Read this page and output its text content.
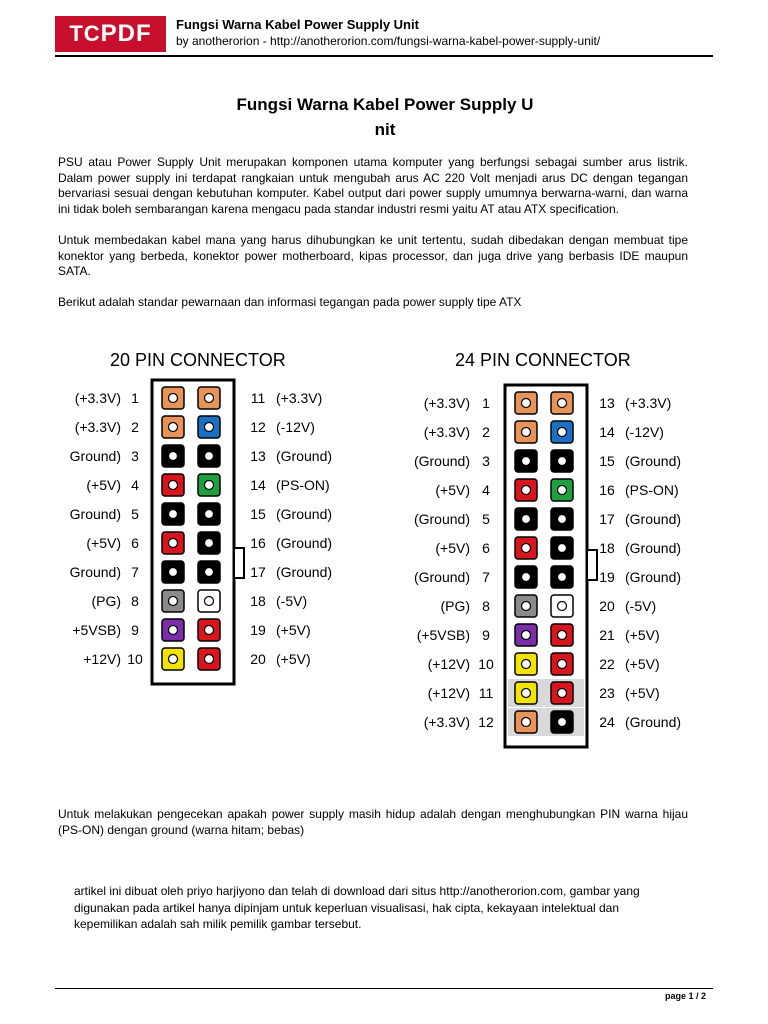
TCPDF	Fungsi Warna Kabel Power Supply Unit
by anotherorion - http://anotherorion.com/fungsi-warna-kabel-power-supply-unit/
Fungsi Warna Kabel Power Supply U
nit
PSU atau Power Supply Unit merupakan komponen utama komputer yang berfungsi sebagai sumber arus listrik. Dalam power supply ini terdapat rangkaian untuk mengubah arus AC 220 Volt menjadi arus DC dengan tegangan bervariasi sesuai dengan kebutuhan komputer. Kabel output dari power supply umumnya berwarna-warni, dan warna ini tidak boleh sembarangan karena mengacu pada standar industri resmi yaitu AT atau ATX specification.
Untuk membedakan kabel mana yang harus dihubungkan ke unit tertentu, sudah dibedakan dengan membuat tipe konektor yang berbeda, konektor power motherboard, kipas processor, dan juga drive yang berbasis IDE maupun SATA.
Berikut adalah standar pewarnaan dan informasi tegangan pada power supply tipe ATX
20 PIN CONNECTOR
(+3.3V) 1	11 (+3.3V)
(+3.3V) 2	12 (-12V)
Ground) 3	13 (Ground)
(+5V) 4	14 (PS-ON)
Ground) 5	15 (Ground)
(+5V) 6	16 (Ground)
Ground) 7	17 (Ground)
(PG) 8	18 (-5V)
+5VSB) 9	19 (+5V)
+12V) 10	20 (+5V)
24 PIN CONNECTOR
(+3.3V) 1	13 (+3.3V)
(+3.3V) 2	14 (-12V)
(Ground) 3	15 (Ground)
(+5V) 4	16 (PS-ON)
(Ground) 5	17 (Ground)
(+5V) 6	18 (Ground)
(Ground) 7	19 (Ground)
(PG) 8	20 (-5V)
(+5VSB) 9	21 (+5V)
(+12V) 10	22 (+5V)
(+12V) 11	23 (+5V)
(+3.3V) 12	24 (Ground)
Untuk melakukan pengecekan apakah power supply masih hidup adalah dengan menghubungkan PIN warna hijau (PS-ON) dengan ground (warna hitam; bebas)
artikel ini dibuat oleh priyo harjiyono dan telah di download dari situs http://anotherorion.com, gambar yang digunakan pada artikel hanya dipinjam untuk keperluan visualisasi, hak cipta, kekayaan intelektual dan kepemilikan adalah sah milik pemilik gambar tersebut.
page 1 / 2
